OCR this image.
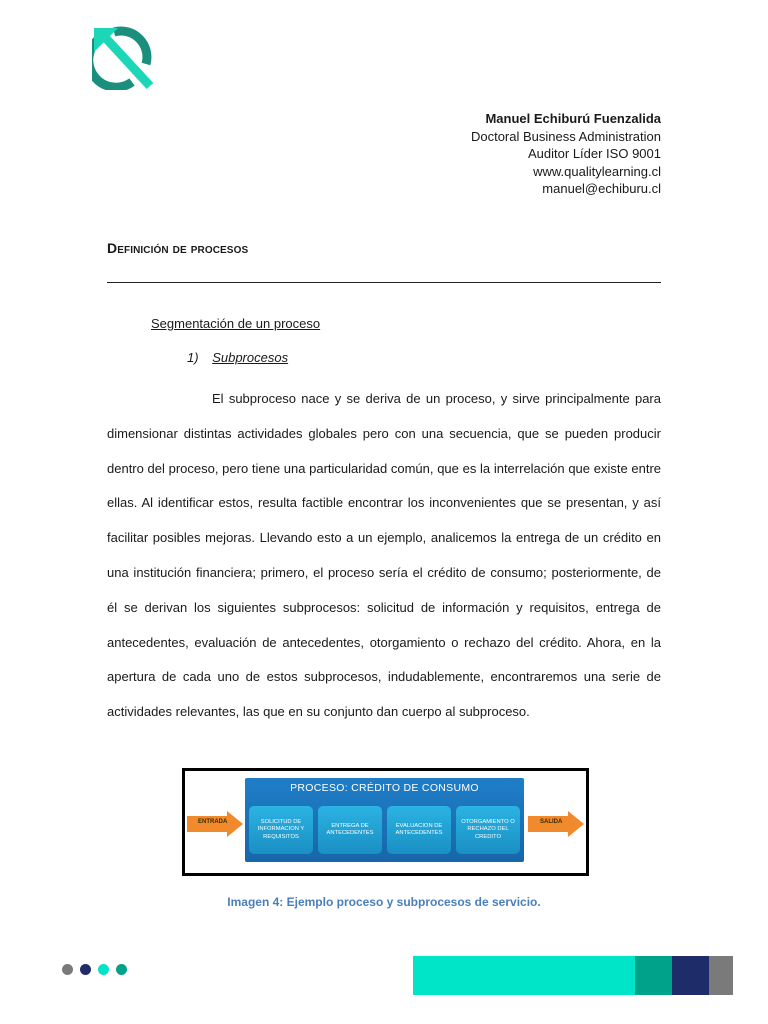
Manuel Echiburú Fuenzalida
Doctoral Business Administration
Auditor Líder ISO 9001
www.qualitylearning.cl
manuel@echiburu.cl
Definición de procesos
Segmentación de un proceso
1) Subprocesos

El subproceso nace y se deriva de un proceso, y sirve principalmente para dimensionar distintas actividades globales pero con una secuencia, que se pueden producir dentro del proceso, pero tiene una particularidad común, que es la interrelación que existe entre ellas. Al identificar estos, resulta factible encontrar los inconvenientes que se presentan, y así facilitar posibles mejoras. Llevando esto a un ejemplo, analicemos la entrega de un crédito en una institución financiera; primero, el proceso sería el crédito de consumo; posteriormente, de él se derivan los siguientes subprocesos: solicitud de información y requisitos, entrega de antecedentes, evaluación de antecedentes, otorgamiento o rechazo del crédito. Ahora, en la apertura de cada uno de estos subprocesos, indudablemente, encontraremos una serie de actividades relevantes, las que en su conjunto dan cuerpo al subproceso.

ENTRADA
PROCESO: CRÉDITO DE CONSUMO
SOLICITUD DE INFORMACION Y REQUISITOS
ENTREGA DE ANTECEDENTES
EVALUACION DE ANTECEDENTES
OTORGAMIENTO O RECHAZO DEL CREDITO
SALIDA
Imagen 4: Ejemplo proceso y subprocesos de servicio.
